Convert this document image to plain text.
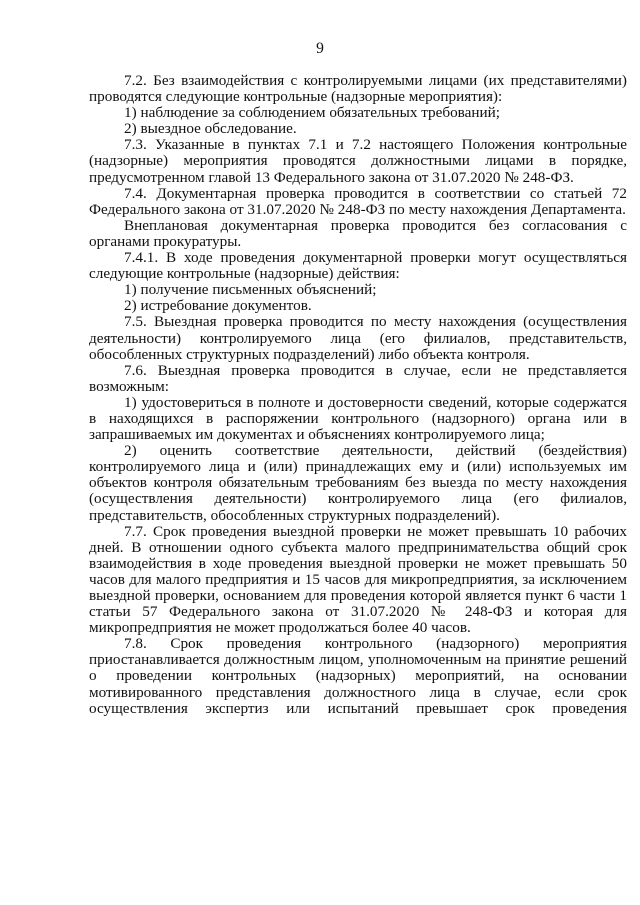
9
7.2. Без взаимодействия с контролируемыми лицами (их представителями)
проводятся следующие контрольные (надзорные мероприятия):
1) наблюдение за соблюдением обязательных требований;
2) выездное обследование.
7.3. Указанные в пунктах 7.1 и 7.2 настоящего Положения контрольные
(надзорные) мероприятия проводятся должностными лицами в порядке,
предусмотренном главой 13 Федерального закона от 31.07.2020 № 248-ФЗ.
7.4. Документарная проверка проводится в соответствии со статьей 72
Федерального закона от 31.07.2020 № 248-ФЗ по месту нахождения Департамента.
Внеплановая документарная проверка проводится без согласования с
органами прокуратуры.
7.4.1. В ходе проведения документарной проверки могут осуществляться
следующие контрольные (надзорные) действия:
1) получение письменных объяснений;
2) истребование документов.
7.5. Выездная проверка проводится по месту нахождения (осуществления
деятельности) контролируемого лица (его филиалов, представительств,
обособленных структурных подразделений) либо объекта контроля.
7.6. Выездная проверка проводится в случае, если не представляется
возможным:
1) удостовериться в полноте и достоверности сведений, которые содержатся
в находящихся в распоряжении контрольного (надзорного) органа или в
запрашиваемых им документах и объяснениях контролируемого лица;
2) оценить соответствие деятельности, действий (бездействия)
контролируемого лица и (или) принадлежащих ему и (или) используемых им
объектов контроля обязательным требованиям без выезда по месту нахождения
(осуществления деятельности) контролируемого лица (его филиалов,
представительств, обособленных структурных подразделений).
7.7. Срок проведения выездной проверки не может превышать 10 рабочих
дней. В отношении одного субъекта малого предпринимательства общий срок
взаимодействия в ходе проведения выездной проверки не может превышать 50
часов для малого предприятия и 15 часов для микропредприятия, за исключением
выездной проверки, основанием для проведения которой является пункт 6 части 1
статьи 57 Федерального закона от 31.07.2020 № 248-ФЗ и которая для
микропредприятия не может продолжаться более 40 часов.
7.8. Срок проведения контрольного (надзорного) мероприятия
приостанавливается должностным лицом, уполномоченным на принятие решений
о проведении контрольных (надзорных) мероприятий, на основании
мотивированного представления должностного лица в случае, если срок
осуществления экспертиз или испытаний превышает срок проведения
